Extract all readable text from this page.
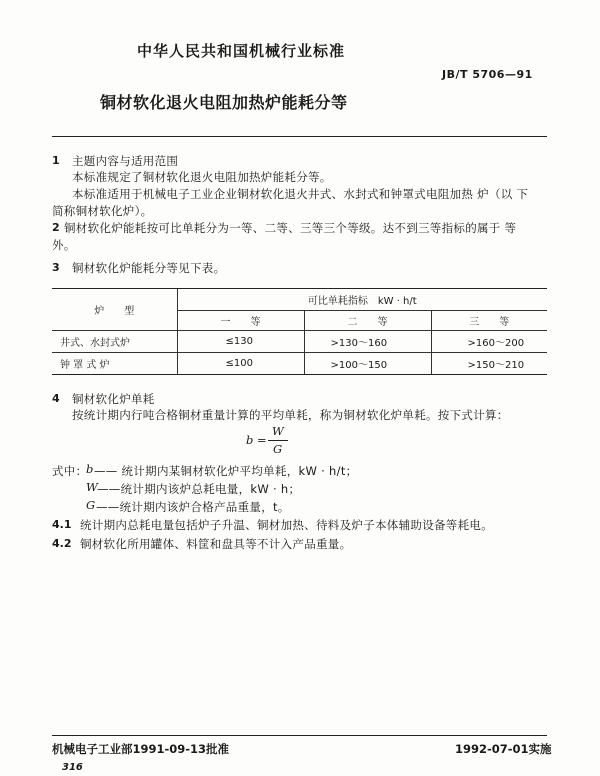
中华人民共和国机械行业标准
JB/T 5706—91
铜材软化退火电阻加热炉能耗分等
1 主题内容与适用范围
本标准规定了铜材软化退火电阻加热炉能耗分等。
本标准适用于机械电子工业企业铜材软化退火井式、水封式和钟罩式电阻加热 炉（以 下
简称铜材软化炉）。
2 铜材软化炉能耗按可比单耗分为一等、二等、三等三个等级。达不到三等指标的属于 等
外。
3 铜材软化炉能耗分等见下表。
炉　　型	可比单耗指标　kW · h/t		
	一　　等	二　　等	三　　等
井式、水封式炉	≤130	>130～160	>160～200
钟 罩 式 炉	≤100	>100～150	>150～210
4 铜材软化炉单耗
按统计期内行吨合格铜材重量计算的平均单耗，称为铜材软化炉单耗。按下式计算：
b =
W
G
式中：
b —— 统计期内某铜材软化炉平均单耗，kW · h/t；
W ——统计期内该炉总耗电量，kW · h；
G ——统计期内该炉合格产品重量，t。
4.1 统计期内总耗电量包括炉子升温、铜材加热、待料及炉子本体辅助设备等耗电。
4.2 铜材软化所用罐体、料筐和盘具等不计入产品重量。
机械电子工业部1991-09-13批准	1992-07-01实施
316
